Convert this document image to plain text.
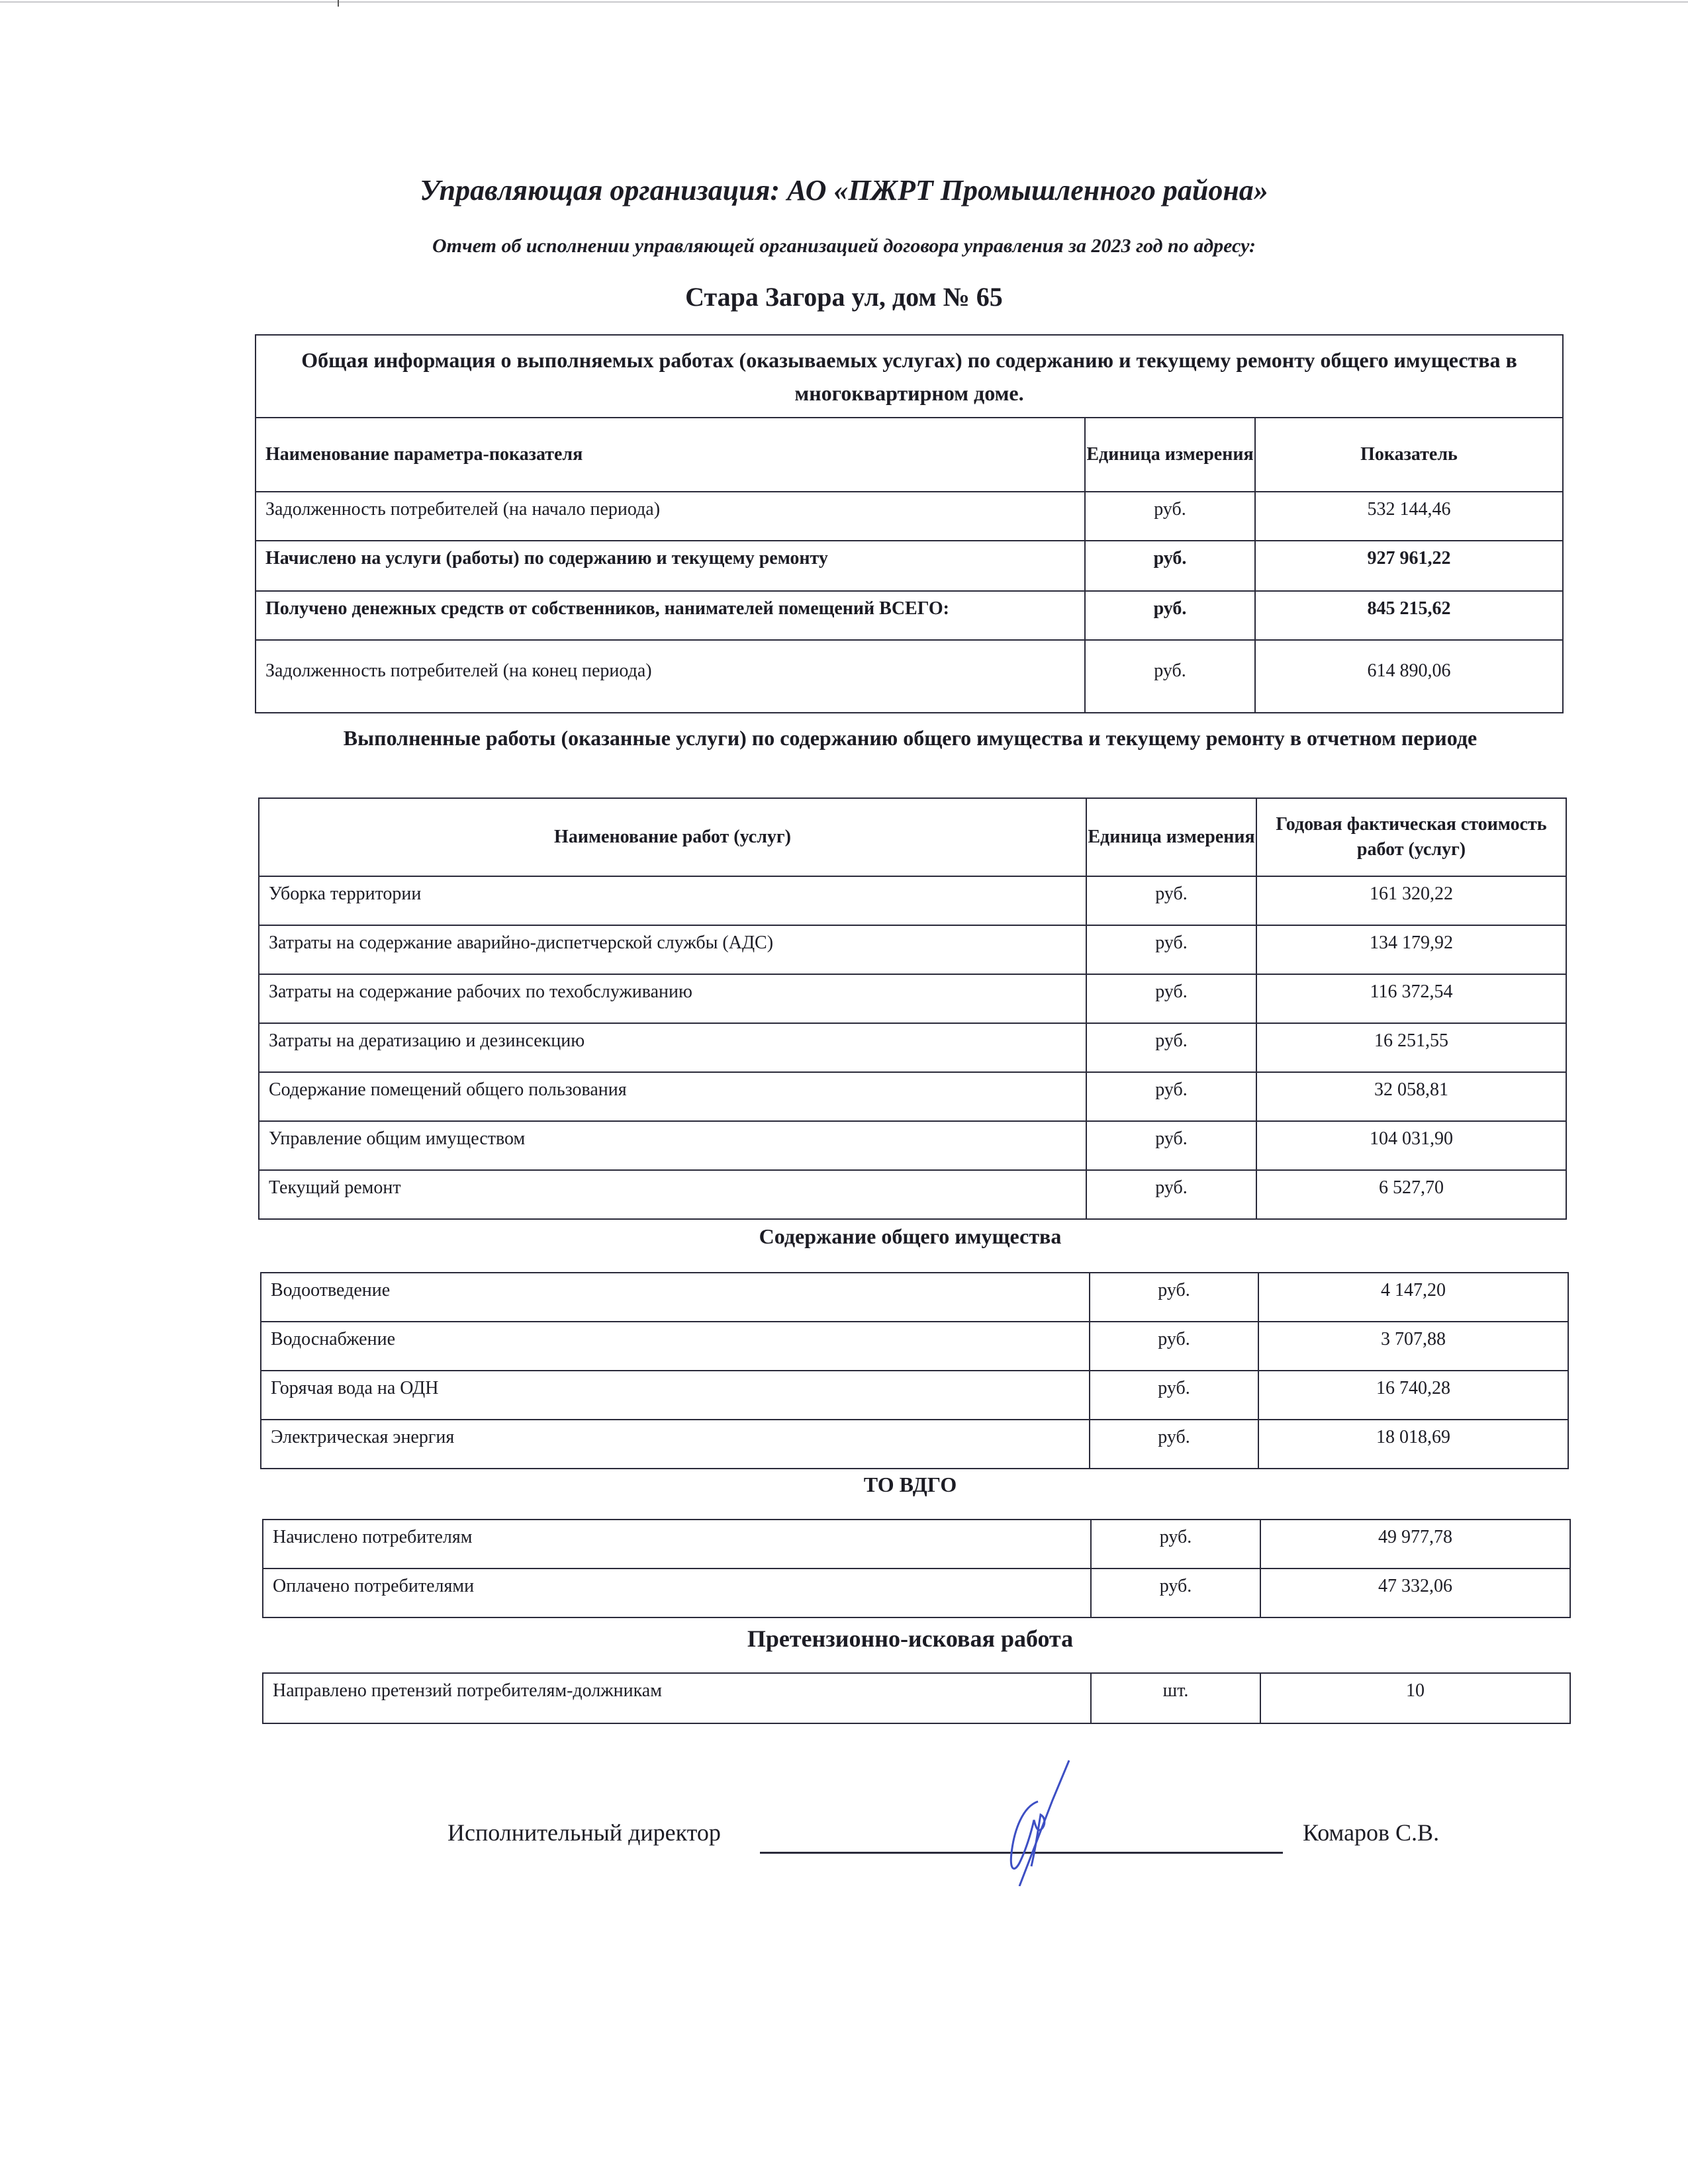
Управляющая организация: АО «ПЖРТ Промышленного района»
Отчет об исполнении управляющей организацией договора управления за 2023 год по адресу:
Стара Загора ул, дом № 65
Общая информация о выполняемых работах (оказываемых услугах) по содержанию и текущему ремонту общего имущества в многоквартирном доме.		
Наименование параметра-показателя	Единица измерения	Показатель
Задолженность потребителей (на начало периода)	руб.	532 144,46
Начислено на услуги (работы) по содержанию и текущему ремонту	руб.	927 961,22
Получено денежных средств от собственников, нанимателей помещений ВСЕГО:	руб.	845 215,62
Задолженность потребителей (на конец периода)	руб.	614 890,06
Выполненные работы (оказанные услуги) по содержанию общего имущества и текущему ремонту в отчетном периоде
Наименование работ (услуг)	Единица измерения	Годовая фактическая стоимость работ (услуг)
Уборка территории	руб.	161 320,22
Затраты на содержание аварийно-диспетчерской службы (АДС)	руб.	134 179,92
Затраты на содержание рабочих по техобслуживанию	руб.	116 372,54
Затраты на дератизацию и дезинсекцию	руб.	16 251,55
Содержание помещений общего пользования	руб.	32 058,81
Управление общим имуществом	руб.	104 031,90
Текущий ремонт	руб.	6 527,70
Содержание общего имущества
Водоотведение	руб.	4 147,20
Водоснабжение	руб.	3 707,88
Горячая вода на ОДН	руб.	16 740,28
Электрическая энергия	руб.	18 018,69
ТО ВДГО
Начислено потребителям	руб.	49 977,78
Оплачено потребителями	руб.	47 332,06
Претензионно-исковая работа
Направлено претензий потребителям-должникам	шт.	10
Исполнительный директор	Комаров С.В.
